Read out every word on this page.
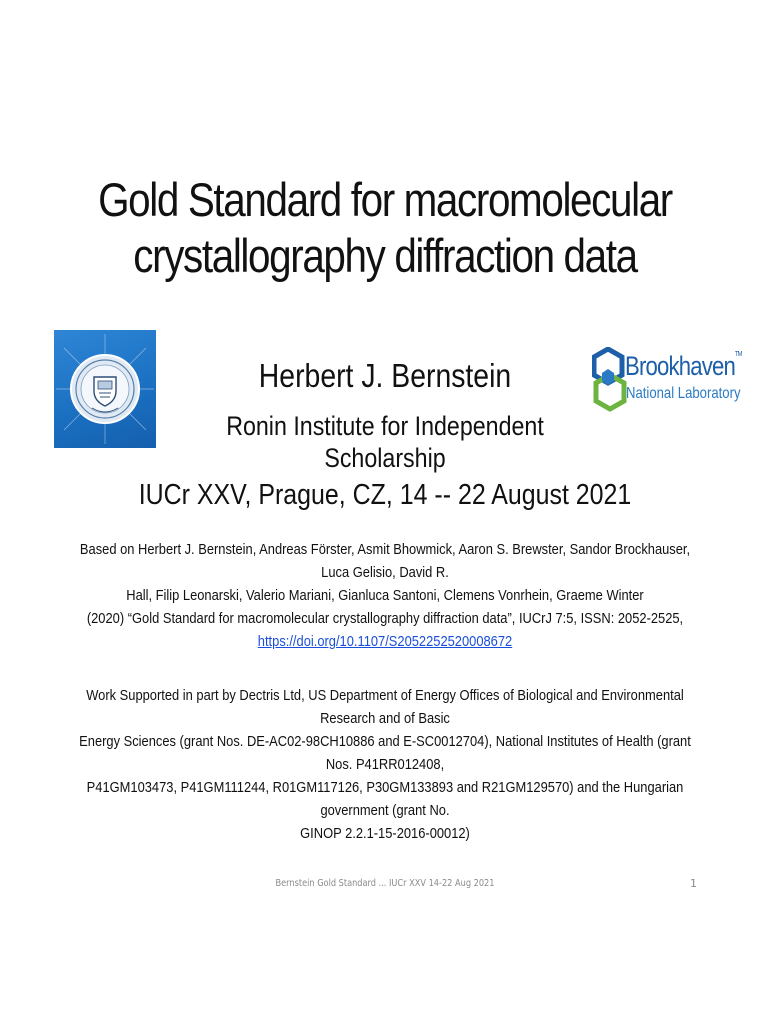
Gold Standard for macromolecular
crystallography diffraction data
Herbert J. Bernstein	Brookhaven™
National Laboratory
Ronin Institute for Independent Scholarship
IUCr XXV, Prague, CZ, 14 -- 22 August 2021
Based on Herbert J. Bernstein, Andreas Förster, Asmit Bhowmick, Aaron S. Brewster, Sandor Brockhauser, Luca Gelisio, David R.
Hall, Filip Leonarski, Valerio Mariani, Gianluca Santoni, Clemens Vonrhein, Graeme Winter
(2020) “Gold Standard for macromolecular crystallography diffraction data”, IUCrJ 7:5, ISSN: 2052-2525,
https://doi.org/10.1107/S2052252520008672
Work Supported in part by Dectris Ltd, US Department of Energy Offices of Biological and Environmental Research and of Basic
Energy Sciences (grant Nos. DE-AC02-98CH10886 and E-SC0012704), National Institutes of Health (grant Nos. P41RR012408,
P41GM103473, P41GM111244, R01GM117126, P30GM133893 and R21GM129570) and the Hungarian government (grant No.
GINOP 2.2.1-15-2016-00012)
Bernstein Gold Standard ... IUCr XXV 14-22 Aug 2021	1
